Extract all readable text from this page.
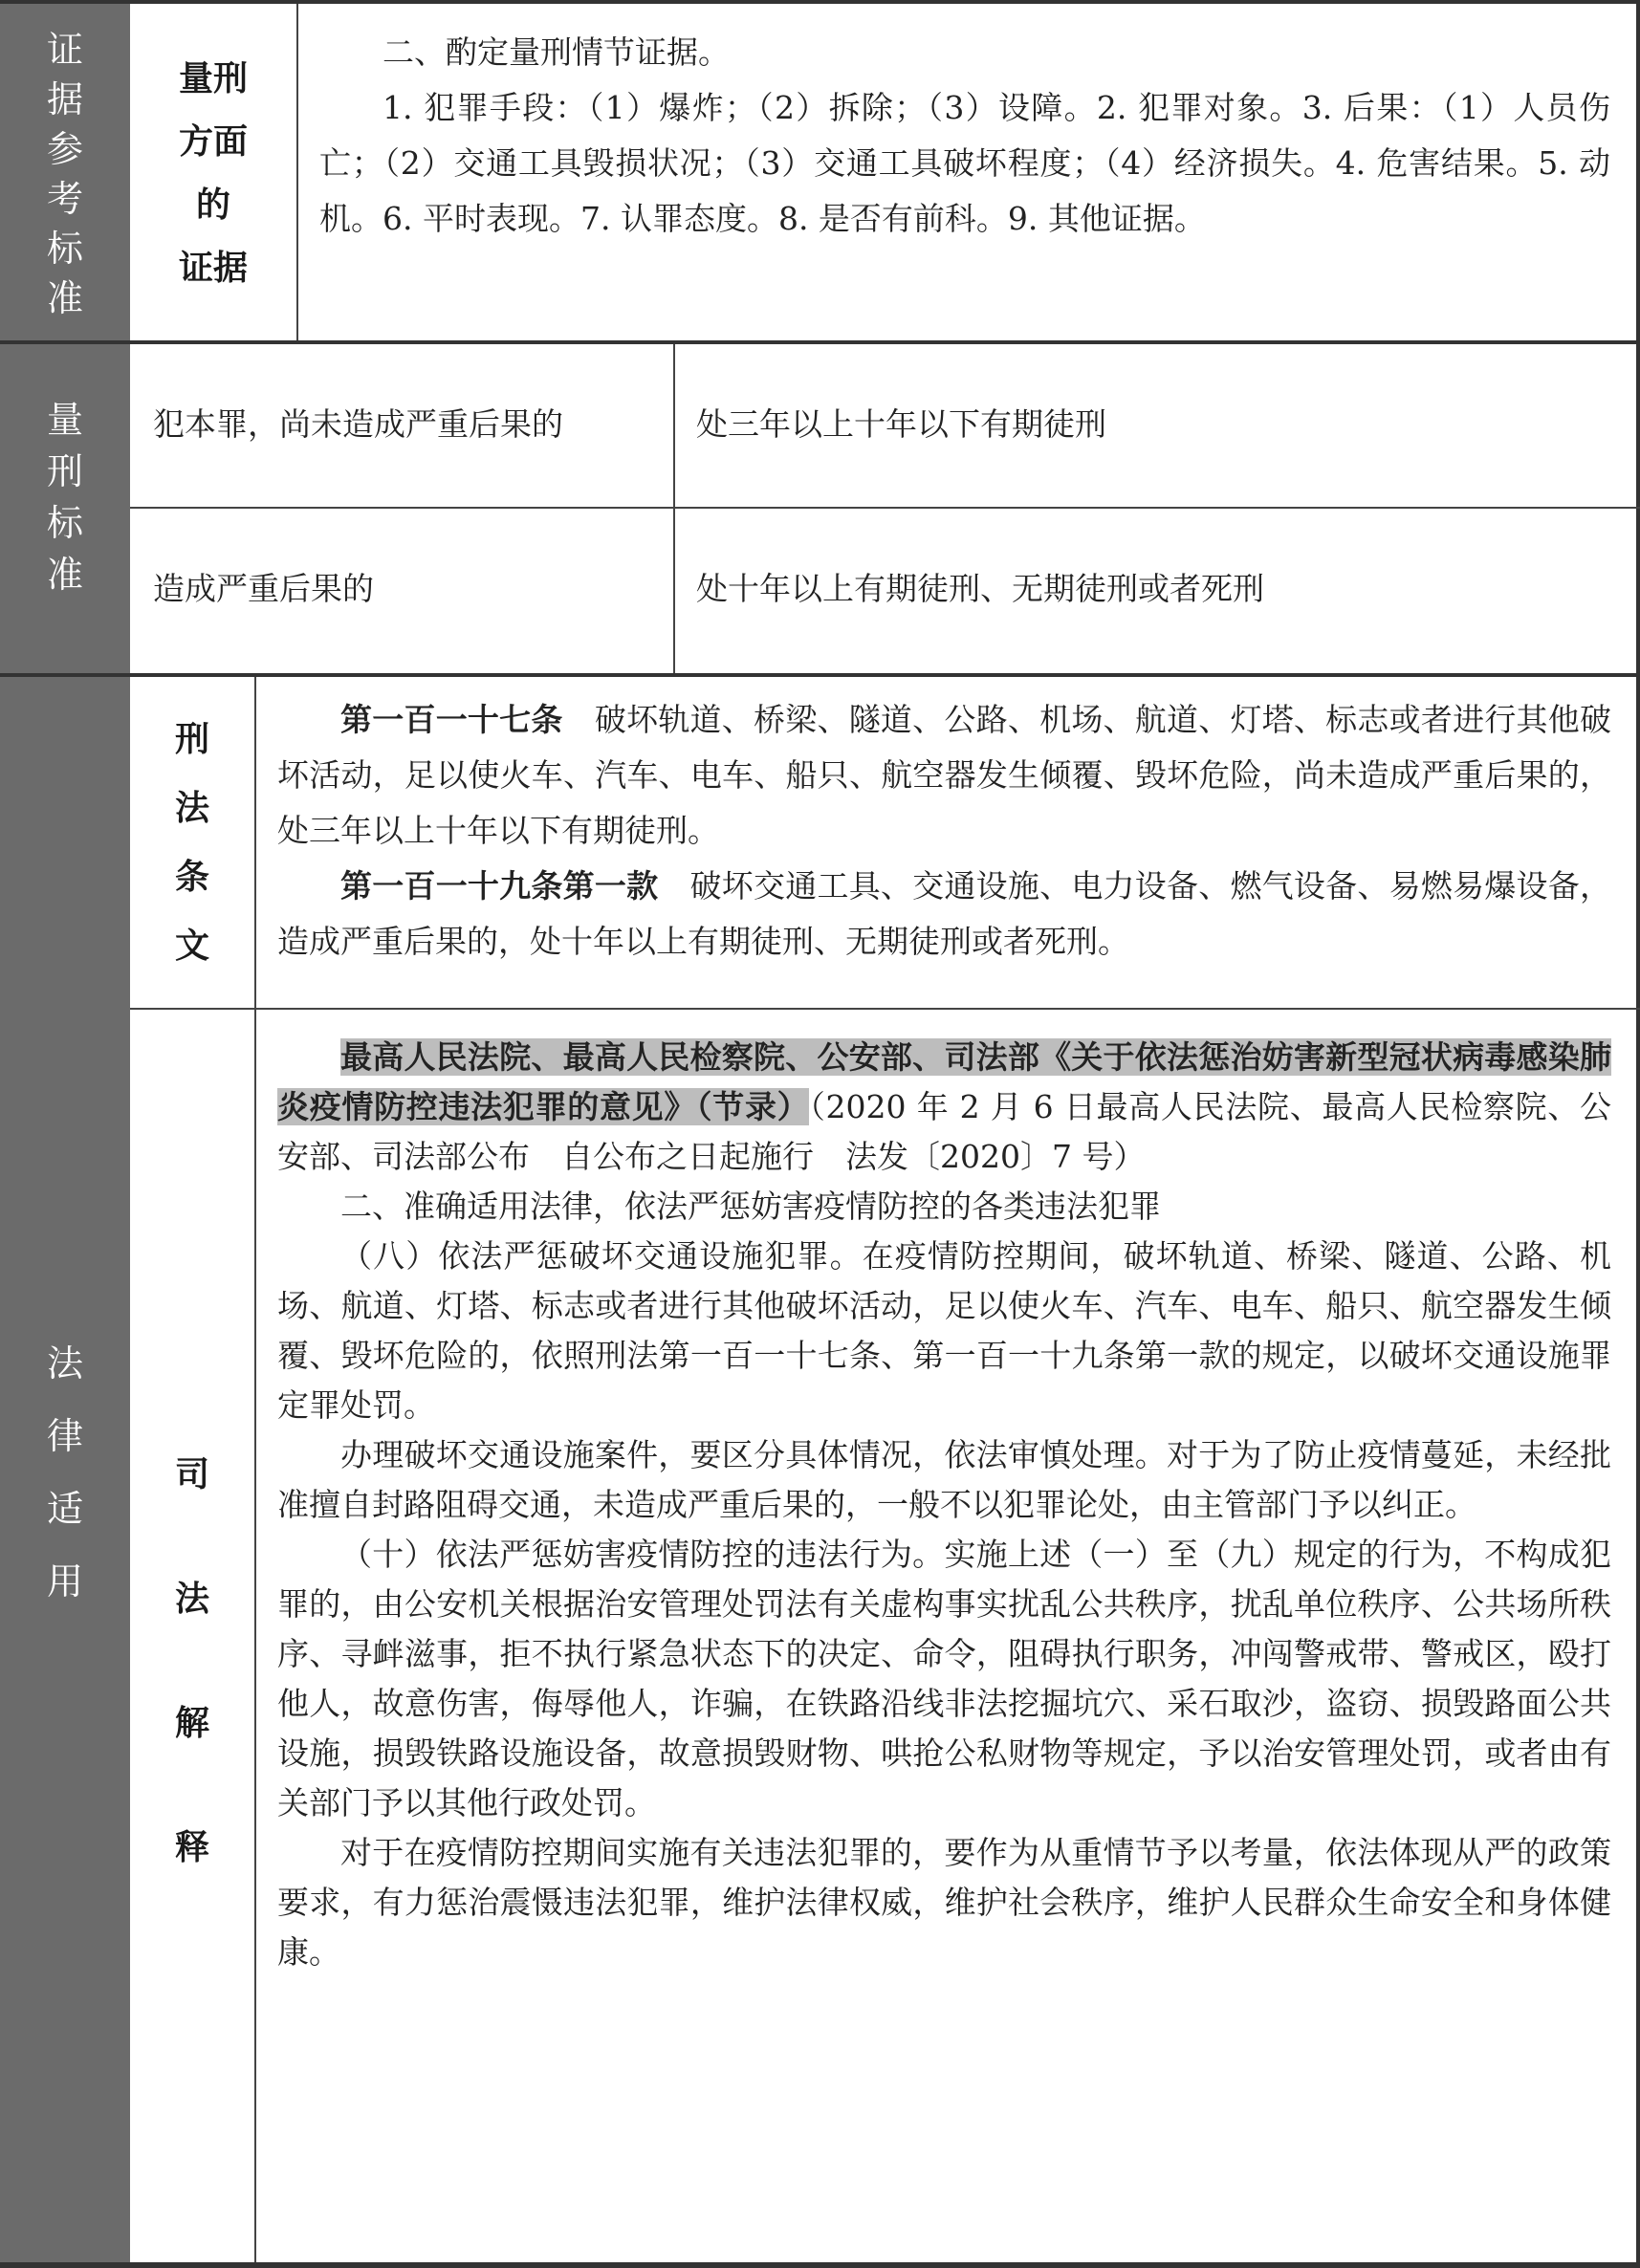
证
据
参
考
标
准
量刑
方面
的
证据

二、酌定量刑情节证据。

1. 犯罪手段：（1）爆炸；（2）拆除；（3）设障。2. 犯罪对象。3. 后果：（1）人员伤亡；（2）交通工具毁损状况；（3）交通工具破坏程度；（4）经济损失。4. 危害结果。5. 动机。6. 平时表现。7. 认罪态度。8. 是否有前科。9. 其他证据。

量
刑
标
准
犯本罪，尚未造成严重后果的	处三年以上十年以下有期徒刑
造成严重后果的	处十年以上有期徒刑、无期徒刑或者死刑
法
律
适
用
刑
法
条
文

第一百一十七条　 破坏轨道、桥梁、隧道、公路、机场、航道、灯塔、标志或者进行其他破坏活动，足以使火车、汽车、电车、船只、航空器发生倾覆、毁坏危险，尚未造成严重后果的，处三年以上十年以下有期徒刑。

第一百一十九条第一款　 破坏交通工具、交通设施、电力设备、燃气设备、易燃易爆设备，造成严重后果的，处十年以上有期徒刑、无期徒刑或者死刑。

司
法
解
释

最高人民法院、最高人民检察院、公安部、司法部《关于依法惩治妨害新型冠状病毒感染肺炎疫情防控违法犯罪的意见》（节录）（2020 年 2 月 6 日最高人民法院、最高人民检察院、公安部、司法部公布　自公布之日起施行　法发〔2020〕7 号）

二、准确适用法律，依法严惩妨害疫情防控的各类违法犯罪

（八）依法严惩破坏交通设施犯罪。在疫情防控期间，破坏轨道、桥梁、隧道、公路、机场、航道、灯塔、标志或者进行其他破坏活动，足以使火车、汽车、电车、船只、航空器发生倾覆、毁坏危险的，依照刑法第一百一十七条、第一百一十九条第一款的规定，以破坏交通设施罪定罪处罚。

办理破坏交通设施案件，要区分具体情况，依法审慎处理。对于为了防止疫情蔓延，未经批准擅自封路阻碍交通，未造成严重后果的，一般不以犯罪论处，由主管部门予以纠正。

（十）依法严惩妨害疫情防控的违法行为。实施上述（一）至（九）规定的行为，不构成犯罪的，由公安机关根据治安管理处罚法有关虚构事实扰乱公共秩序，扰乱单位秩序、公共场所秩序、寻衅滋事，拒不执行紧急状态下的决定、命令，阻碍执行职务，冲闯警戒带、警戒区，殴打他人，故意伤害，侮辱他人，诈骗，在铁路沿线非法挖掘坑穴、采石取沙，盗窃、损毁路面公共设施，损毁铁路设施设备，故意损毁财物、哄抢公私财物等规定，予以治安管理处罚，或者由有关部门予以其他行政处罚。

对于在疫情防控期间实施有关违法犯罪的，要作为从重情节予以考量，依法体现从严的政策要求，有力惩治震慑违法犯罪，维护法律权威，维护社会秩序，维护人民群众生命安全和身体健康。
